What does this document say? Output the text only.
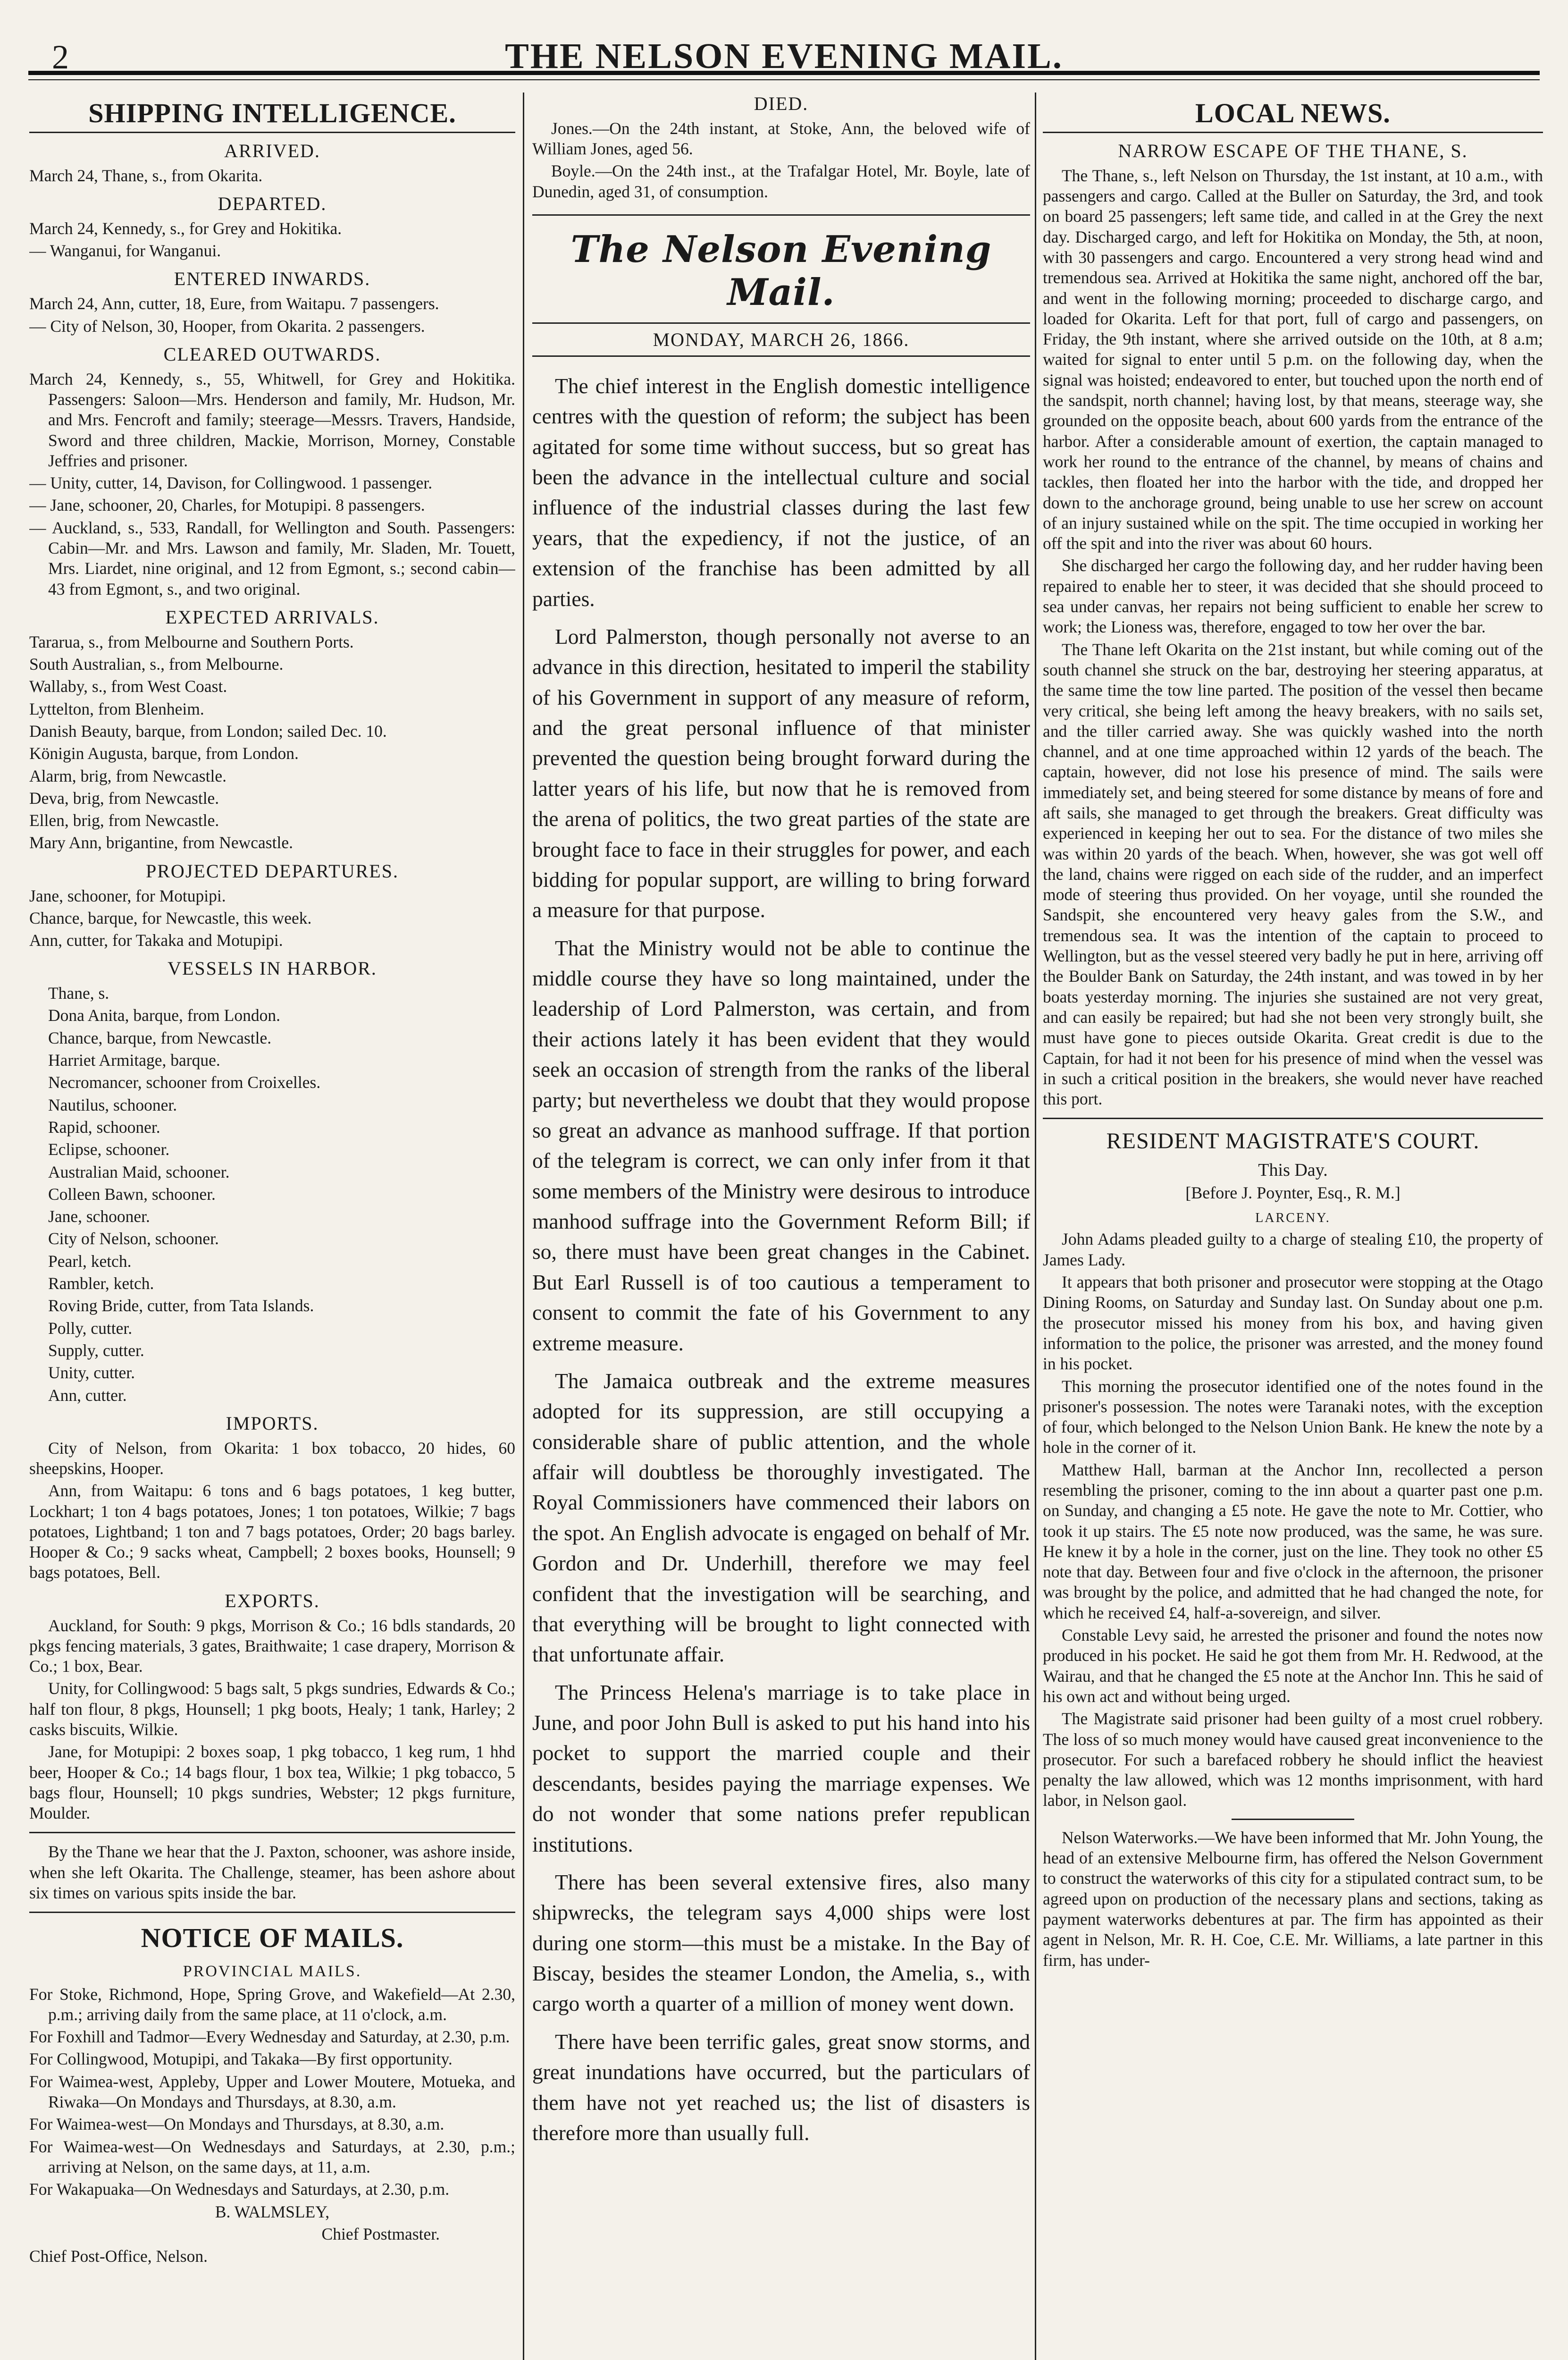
2	THE NELSON EVENING MAIL.
SHIPPING INTELLIGENCE.
ARRIVED.

March 24, Thane, s., from Okarita.

DEPARTED.

March 24, Kennedy, s., for Grey and Hokitika.

— Wanganui, for Wanganui.

ENTERED INWARDS.

March 24, Ann, cutter, 18, Eure, from Waitapu. 7 passengers.

— City of Nelson, 30, Hooper, from Okarita. 2 passengers.

CLEARED OUTWARDS.

March 24, Kennedy, s., 55, Whitwell, for Grey and Hokitika. Passengers: Saloon—Mrs. Henderson and family, Mr. Hudson, Mr. and Mrs. Fencroft and family; steerage—Messrs. Travers, Handside, Sword and three children, Mackie, Morrison, Morney, Constable Jeffries and prisoner.

— Unity, cutter, 14, Davison, for Collingwood. 1 passenger.

— Jane, schooner, 20, Charles, for Motupipi. 8 passengers.

— Auckland, s., 533, Randall, for Wellington and South. Passengers: Cabin—Mr. and Mrs. Lawson and family, Mr. Sladen, Mr. Touett, Mrs. Liardet, nine original, and 12 from Egmont, s.; second cabin—43 from Egmont, s., and two original.

EXPECTED ARRIVALS.

Tararua, s., from Melbourne and Southern Ports.

South Australian, s., from Melbourne.

Wallaby, s., from West Coast.

Lyttelton, from Blenheim.

Danish Beauty, barque, from London; sailed Dec. 10.

Königin Augusta, barque, from London.

Alarm, brig, from Newcastle.

Deva, brig, from Newcastle.

Ellen, brig, from Newcastle.

Mary Ann, brigantine, from Newcastle.

PROJECTED DEPARTURES.

Jane, schooner, for Motupipi.

Chance, barque, for Newcastle, this week.

Ann, cutter, for Takaka and Motupipi.

VESSELS IN HARBOR.

Thane, s.

Dona Anita, barque, from London.

Chance, barque, from Newcastle.

Harriet Armitage, barque.

Necromancer, schooner from Croixelles.

Nautilus, schooner.

Rapid, schooner.

Eclipse, schooner.

Australian Maid, schooner.

Colleen Bawn, schooner.

Jane, schooner.

City of Nelson, schooner.

Pearl, ketch.

Rambler, ketch.

Roving Bride, cutter, from Tata Islands.

Polly, cutter.

Supply, cutter.

Unity, cutter.

Ann, cutter.

IMPORTS.

City of Nelson, from Okarita: 1 box tobacco, 20 hides, 60 sheepskins, Hooper.

Ann, from Waitapu: 6 tons and 6 bags potatoes, 1 keg butter, Lockhart; 1 ton 4 bags potatoes, Jones; 1 ton potatoes, Wilkie; 7 bags potatoes, Lightband; 1 ton and 7 bags potatoes, Order; 20 bags barley. Hooper & Co.; 9 sacks wheat, Campbell; 2 boxes books, Hounsell; 9 bags potatoes, Bell.

EXPORTS.

Auckland, for South: 9 pkgs, Morrison & Co.; 16 bdls standards, 20 pkgs fencing materials, 3 gates, Braithwaite; 1 case drapery, Morrison & Co.; 1 box, Bear.

Unity, for Collingwood: 5 bags salt, 5 pkgs sundries, Edwards & Co.; half ton flour, 8 pkgs, Hounsell; 1 pkg boots, Healy; 1 tank, Harley; 2 casks biscuits, Wilkie.

Jane, for Motupipi: 2 boxes soap, 1 pkg tobacco, 1 keg rum, 1 hhd beer, Hooper & Co.; 14 bags flour, 1 box tea, Wilkie; 1 pkg tobacco, 5 bags flour, Hounsell; 10 pkgs sundries, Webster; 12 pkgs furniture, Moulder.

By the Thane we hear that the J. Paxton, schooner, was ashore inside, when she left Okarita. The Challenge, steamer, has been ashore about six times on various spits inside the bar.

NOTICE OF MAILS.
PROVINCIAL MAILS.

For Stoke, Richmond, Hope, Spring Grove, and Wakefield—At 2.30, p.m.; arriving daily from the same place, at 11 o'clock, a.m.

For Foxhill and Tadmor—Every Wednesday and Saturday, at 2.30, p.m.

For Collingwood, Motupipi, and Takaka—By first opportunity.

For Waimea-west, Appleby, Upper and Lower Moutere, Motueka, and Riwaka—On Mondays and Thursdays, at 8.30, a.m.

For Waimea-west—On Mondays and Thursdays, at 8.30, a.m.

For Waimea-west—On Wednesdays and Saturdays, at 2.30, p.m.; arriving at Nelson, on the same days, at 11, a.m.

For Wakapuaka—On Wednesdays and Saturdays, at 2.30, p.m.

B. WALMSLEY,

Chief Postmaster.

Chief Post-Office, Nelson.

DIED.

Jones.—On the 24th instant, at Stoke, Ann, the beloved wife of William Jones, aged 56.

Boyle.—On the 24th inst., at the Trafalgar Hotel, Mr. Boyle, late of Dunedin, aged 31, of consumption.

The Nelson Evening Mail.
MONDAY, MARCH 26, 1866.

The chief interest in the English domestic intelligence centres with the question of reform; the subject has been agitated for some time without success, but so great has been the advance in the intellectual culture and social influence of the industrial classes during the last few years, that the expediency, if not the justice, of an extension of the franchise has been admitted by all parties.

Lord Palmerston, though personally not averse to an advance in this direction, hesitated to imperil the stability of his Government in support of any measure of reform, and the great personal influence of that minister prevented the question being brought forward during the latter years of his life, but now that he is removed from the arena of politics, the two great parties of the state are brought face to face in their struggles for power, and each bidding for popular support, are willing to bring forward a measure for that purpose.

That the Ministry would not be able to continue the middle course they have so long maintained, under the leadership of Lord Palmerston, was certain, and from their actions lately it has been evident that they would seek an occasion of strength from the ranks of the liberal party; but nevertheless we doubt that they would propose so great an advance as manhood suffrage. If that portion of the telegram is correct, we can only infer from it that some members of the Ministry were desirous to introduce manhood suffrage into the Government Reform Bill; if so, there must have been great changes in the Cabinet. But Earl Russell is of too cautious a temperament to consent to commit the fate of his Government to any extreme measure.

The Jamaica outbreak and the extreme measures adopted for its suppression, are still occupying a considerable share of public attention, and the whole affair will doubtless be thoroughly investigated. The Royal Commissioners have commenced their labors on the spot. An English advocate is engaged on behalf of Mr. Gordon and Dr. Underhill, therefore we may feel confident that the investigation will be searching, and that everything will be brought to light connected with that unfortunate affair.

The Princess Helena's marriage is to take place in June, and poor John Bull is asked to put his hand into his pocket to support the married couple and their descendants, besides paying the marriage expenses. We do not wonder that some nations prefer republican institutions.

There has been several extensive fires, also many shipwrecks, the telegram says 4,000 ships were lost during one storm—this must be a mistake. In the Bay of Biscay, besides the steamer London, the Amelia, s., with cargo worth a quarter of a million of money went down.

There have been terrific gales, great snow storms, and great inundations have occurred, but the particulars of them have not yet reached us; the list of disasters is therefore more than usually full.

LOCAL NEWS.
NARROW ESCAPE OF THE THANE, S.

The Thane, s., left Nelson on Thursday, the 1st instant, at 10 a.m., with passengers and cargo. Called at the Buller on Saturday, the 3rd, and took on board 25 passengers; left same tide, and called in at the Grey the next day. Discharged cargo, and left for Hokitika on Monday, the 5th, at noon, with 30 passengers and cargo. Encountered a very strong head wind and tremendous sea. Arrived at Hokitika the same night, anchored off the bar, and went in the following morning; proceeded to discharge cargo, and loaded for Okarita. Left for that port, full of cargo and passengers, on Friday, the 9th instant, where she arrived outside on the 10th, at 8 a.m; waited for signal to enter until 5 p.m. on the following day, when the signal was hoisted; endeavored to enter, but touched upon the north end of the sandspit, north channel; having lost, by that means, steerage way, she grounded on the opposite beach, about 600 yards from the entrance of the harbor. After a considerable amount of exertion, the captain managed to work her round to the entrance of the channel, by means of chains and tackles, then floated her into the harbor with the tide, and dropped her down to the anchorage ground, being unable to use her screw on account of an injury sustained while on the spit. The time occupied in working her off the spit and into the river was about 60 hours.

She discharged her cargo the following day, and her rudder having been repaired to enable her to steer, it was decided that she should proceed to sea under canvas, her repairs not being sufficient to enable her screw to work; the Lioness was, therefore, engaged to tow her over the bar.

The Thane left Okarita on the 21st instant, but while coming out of the south channel she struck on the bar, destroying her steering apparatus, at the same time the tow line parted. The position of the vessel then became very critical, she being left among the heavy breakers, with no sails set, and the tiller carried away. She was quickly washed into the north channel, and at one time approached within 12 yards of the beach. The captain, however, did not lose his presence of mind. The sails were immediately set, and being steered for some distance by means of fore and aft sails, she managed to get through the breakers. Great difficulty was experienced in keeping her out to sea. For the distance of two miles she was within 20 yards of the beach. When, however, she was got well off the land, chains were rigged on each side of the rudder, and an imperfect mode of steering thus provided. On her voyage, until she rounded the Sandspit, she encountered very heavy gales from the S.W., and tremendous sea. It was the intention of the captain to proceed to Wellington, but as the vessel steered very badly he put in here, arriving off the Boulder Bank on Saturday, the 24th instant, and was towed in by her boats yesterday morning. The injuries she sustained are not very great, and can easily be repaired; but had she not been very strongly built, she must have gone to pieces outside Okarita. Great credit is due to the Captain, for had it not been for his presence of mind when the vessel was in such a critical position in the breakers, she would never have reached this port.

RESIDENT MAGISTRATE'S COURT.
This Day.
[Before J. Poynter, Esq., R. M.]
LARCENY.

John Adams pleaded guilty to a charge of stealing £10, the property of James Lady.

It appears that both prisoner and prosecutor were stopping at the Otago Dining Rooms, on Saturday and Sunday last. On Sunday about one p.m. the prosecutor missed his money from his box, and having given information to the police, the prisoner was arrested, and the money found in his pocket.

This morning the prosecutor identified one of the notes found in the prisoner's possession. The notes were Taranaki notes, with the exception of four, which belonged to the Nelson Union Bank. He knew the note by a hole in the corner of it.

Matthew Hall, barman at the Anchor Inn, recollected a person resembling the prisoner, coming to the inn about a quarter past one p.m. on Sunday, and changing a £5 note. He gave the note to Mr. Cottier, who took it up stairs. The £5 note now produced, was the same, he was sure. He knew it by a hole in the corner, just on the line. They took no other £5 note that day. Between four and five o'clock in the afternoon, the prisoner was brought by the police, and admitted that he had changed the note, for which he received £4, half-a-sovereign, and silver.

Constable Levy said, he arrested the prisoner and found the notes now produced in his pocket. He said he got them from Mr. H. Redwood, at the Wairau, and that he changed the £5 note at the Anchor Inn. This he said of his own act and without being urged.

The Magistrate said prisoner had been guilty of a most cruel robbery. The loss of so much money would have caused great inconvenience to the prosecutor. For such a barefaced robbery he should inflict the heaviest penalty the law allowed, which was 12 months imprisonment, with hard labor, in Nelson gaol.

Nelson Waterworks.—We have been informed that Mr. John Young, the head of an extensive Melbourne firm, has offered the Nelson Government to construct the waterworks of this city for a stipulated contract sum, to be agreed upon on production of the necessary plans and sections, taking as payment waterworks debentures at par. The firm has appointed as their agent in Nelson, Mr. R. H. Coe, C.E. Mr. Williams, a late partner in this firm, has under-
